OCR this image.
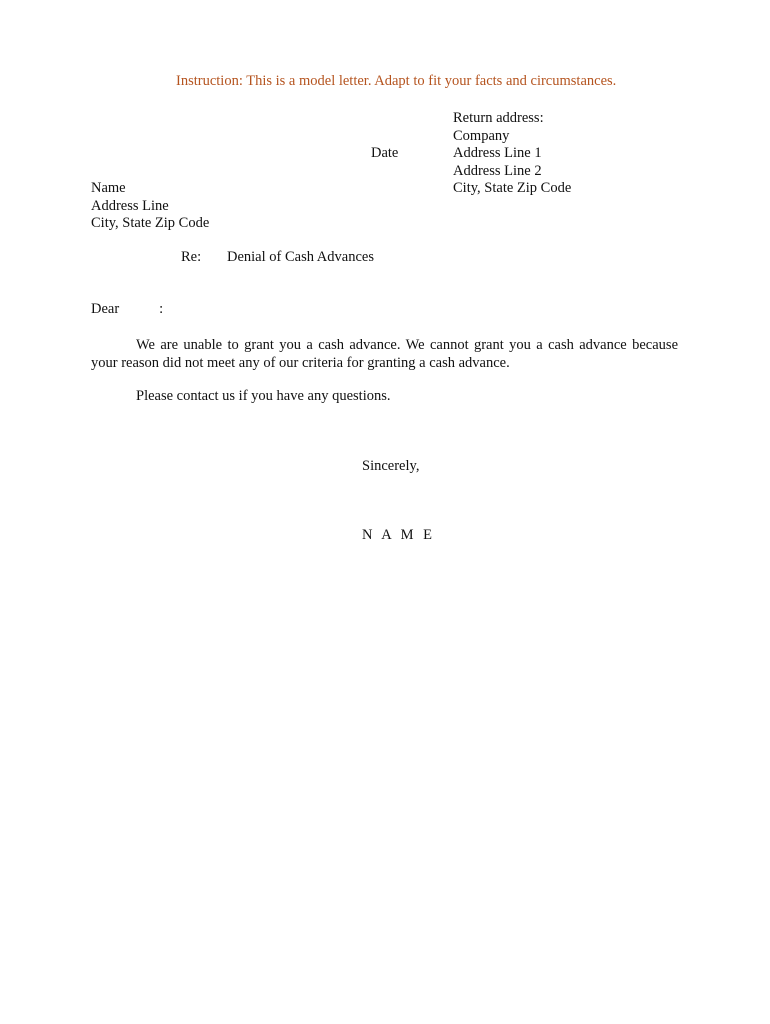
Instruction: This is a model letter. Adapt to fit your facts and circumstances.
Return address:
Company
Address Line 1
Address Line 2
City, State Zip Code
Date
Name
Address Line
City, State Zip Code
Re: Denial of Cash Advances
Dear	:
We are unable to grant you a cash advance. We cannot grant you a cash advance because your reason did not meet any of our criteria for granting a cash advance.
Please contact us if you have any questions.
Sincerely,
N A M E
